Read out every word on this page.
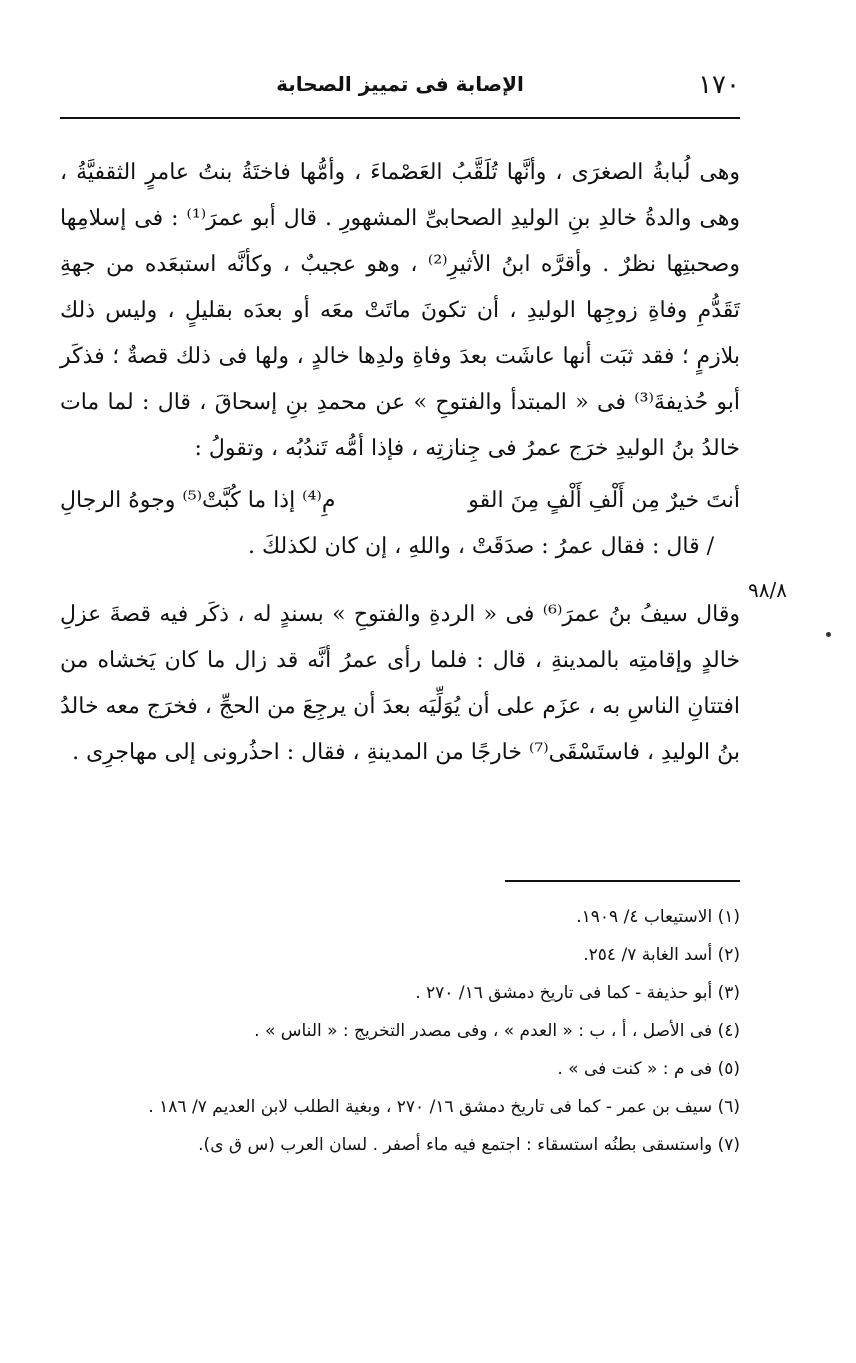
١٧٠
الإصابة فى تمييز الصحابة

وهى لُبابةُ الصغرَى ، وأنَّها تُلَقَّبُ العَصْماءَ ، وأمُّها فاختَةُ بنتُ عامرٍ الثقفيَّةُ ، وهى والدةُ خالدِ بنِ الوليدِ الصحابىِّ المشهورِ . قال أبو عمرَ⁽¹⁾ : فى إسلامِها وصحبتِها نظرٌ . وأقرَّه ابنُ الأثيرِ⁽²⁾ ، وهو عجيبٌ ، وكأنَّه استبعَده من جهةِ تَقَدُّمِ وفاةِ زوجِها الوليدِ ، أن تكونَ ماتَتْ معَه أو بعدَه بقليلٍ ، وليس ذلك بلازمٍ ؛ فقد ثبَت أنها عاشَت بعدَ وفاةِ ولدِها خالدٍ ، ولها فى ذلك قصةٌ ؛ فذكَر أبو حُذيفةَ⁽³⁾ فى « المبتدأ والفتوحِ » عن محمدِ بنِ إسحاقَ ، قال : لما مات خالدُ بنُ الوليدِ خرَج عمرُ فى جِنازتِه ، فإذا أمُّه تَندُبُه ، وتقولُ :

أنتَ خيرٌ مِن أَلْفِ أَلْفٍ مِنَ القو
مِ⁽⁴⁾ إذا ما كُبَّتْ⁽⁵⁾ وجوهُ الرجالِ

/ قال : فقال عمرُ : صدَقَتْ ، واللهِ ، إن كان لكذلكَ .

وقال سيفُ بنُ عمرَ⁽⁶⁾ فى « الردةِ والفتوحِ » بسندٍ له ، ذكَر فيه قصةَ عزلِ خالدٍ وإقامتِه بالمدينةِ ، قال : فلما رأى عمرُ أنَّه قد زال ما كان يَخشاه من افتتانِ الناسِ به ، عزَم على أن يُوَلِّيَه بعدَ أن يرجِعَ من الحجِّ ، فخرَج معه خالدُ بنُ الوليدِ ، فاستَسْقَى⁽⁷⁾ خارجًا من المدينةِ ، فقال : احذُرونى إلى مهاجرِى .

٩٨/٨
(١) الاستيعاب ٤/ ١٩٠٩.
(٢) أسد الغابة ٧/ ٢٥٤.
(٣) أبو حذيفة - كما فى تاريخ دمشق ١٦/ ٢٧٠ .
(٤) فى الأصل ، أ ، ب : « العدم » ، وفى مصدر التخريج : « الناس » .
(٥) فى م : « كنت فى » .
(٦) سيف بن عمر - كما فى تاريخ دمشق ١٦/ ٢٧٠ ، وبغية الطلب لابن العديم ٧/ ١٨٦ .
(٧) واستسقى بطنُه استسقاء : اجتمع فيه ماء أصفر . لسان العرب (س ق ى).
